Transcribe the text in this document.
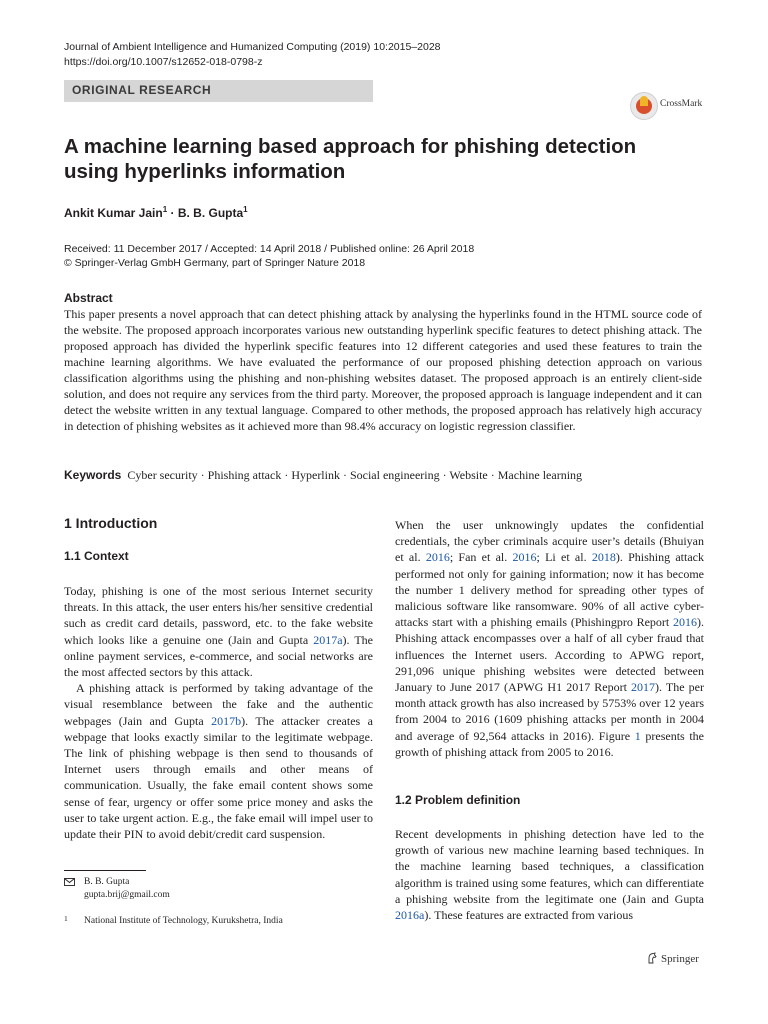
Journal of Ambient Intelligence and Humanized Computing (2019) 10:2015–2028
https://doi.org/10.1007/s12652-018-0798-z
ORIGINAL RESEARCH
CrossMark
A machine learning based approach for phishing detection using hyperlinks information
Ankit Kumar Jain$^1$ · B. B. Gupta$^1$
Received: 11 December 2017 / Accepted: 14 April 2018 / Published online: 26 April 2018
© Springer-Verlag GmbH Germany, part of Springer Nature 2018
Abstract
This paper presents a novel approach that can detect phishing attack by analysing the hyperlinks found in the HTML source code of the website. The proposed approach incorporates various new outstanding hyperlink specific features to detect phishing attack. The proposed approach has divided the hyperlink specific features into 12 different categories and used these features to train the machine learning algorithms. We have evaluated the performance of our proposed phishing detection approach on various classification algorithms using the phishing and non-phishing websites dataset. The proposed approach is an entirely client-side solution, and does not require any services from the third party. Moreover, the proposed approach is language independent and it can detect the website written in any textual language. Compared to other methods, the proposed approach has relatively high accuracy in detection of phishing websites as it achieved more than 98.4% accuracy on logistic regression classifier.
Keywords Cyber security · Phishing attack · Hyperlink · Social engineering · Website · Machine learning
1 Introduction
1.1 Context

Today, phishing is one of the most serious Internet security threats. In this attack, the user enters his/her sensitive credential such as credit card details, password, etc. to the fake website which looks like a genuine one (Jain and Gupta 2017a). The online payment services, e-commerce, and social networks are the most affected sectors by this attack.

A phishing attack is performed by taking advantage of the visual resemblance between the fake and the authentic webpages (Jain and Gupta 2017b). The attacker creates a webpage that looks exactly similar to the legitimate webpage. The link of phishing webpage is then send to thousands of Internet users through emails and other means of communication. Usually, the fake email content shows some sense of fear, urgency or offer some price money and asks the user to take urgent action. E.g., the fake email will impel user to update their PIN to avoid debit/credit card suspension.

When the user unknowingly updates the confidential credentials, the cyber criminals acquire user’s details (Bhuiyan et al. 2016; Fan et al. 2016; Li et al. 2018). Phishing attack performed not only for gaining information; now it has become the number 1 delivery method for spreading other types of malicious software like ransomware. 90% of all active cyber-attacks start with a phishing emails (Phishingpro Report 2016). Phishing attack encompasses over a half of all cyber fraud that influences the Internet users. According to APWG report, 291,096 unique phishing websites were detected between January to June 2017 (APWG H1 2017 Report 2017). The per month attack growth has also increased by 5753% over 12 years from 2004 to 2016 (1609 phishing attacks per month in 2004 and average of 92,564 attacks in 2016). Figure 1 presents the growth of phishing attack from 2005 to 2016.

1.2 Problem definition

Recent developments in phishing detection have led to the growth of various new machine learning based techniques. In the machine learning based techniques, a classification algorithm is trained using some features, which can differentiate a phishing website from the legitimate one (Jain and Gupta 2016a). These features are extracted from various

B. B. Gupta
gupta.brij@gmail.com
1 National Institute of Technology, Kurukshetra, India
Springer
